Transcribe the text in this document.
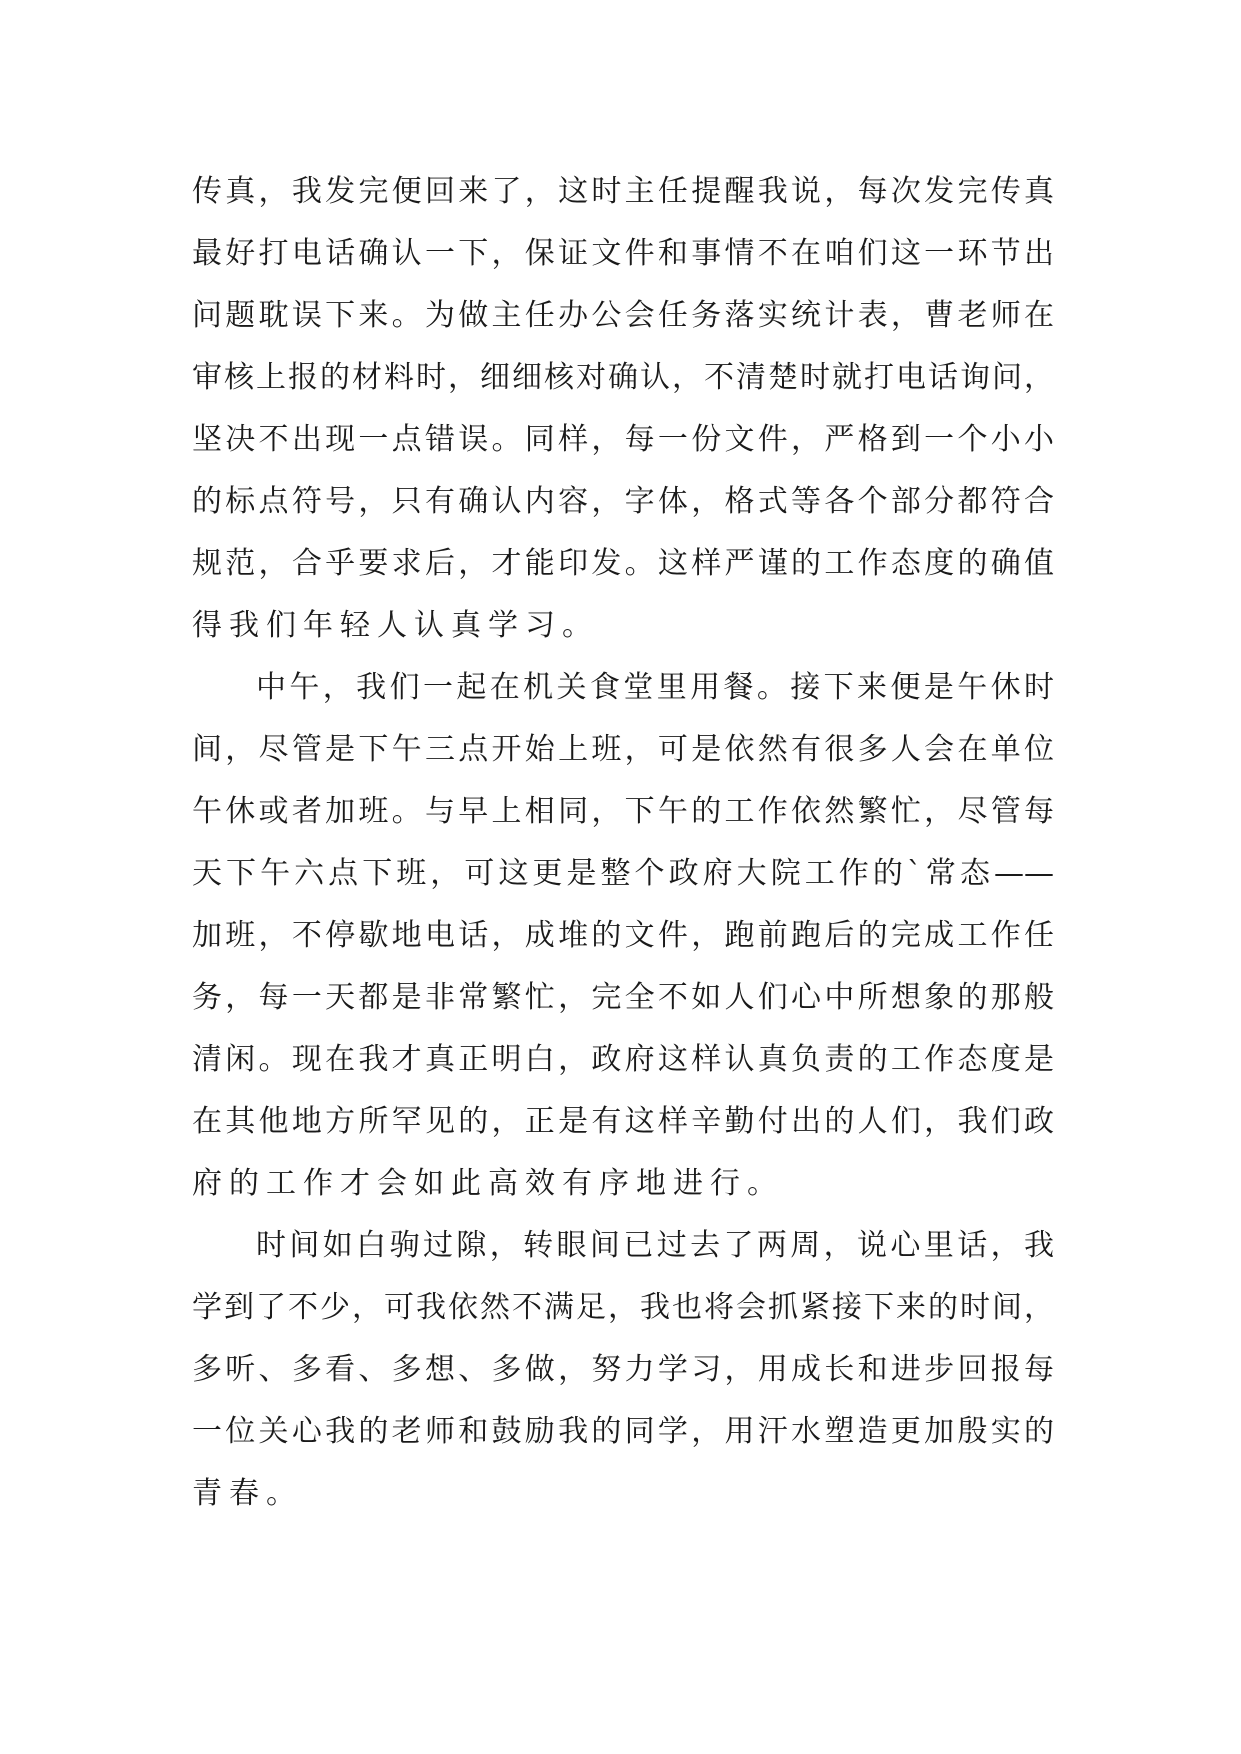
传真，我发完便回来了，这时主任提醒我说，每次发完传真
最好打电话确认一下，保证文件和事情不在咱们这一环节出
问题耽误下来。为做主任办公会任务落实统计表，曹老师在
审核上报的材料时，细细核对确认，不清楚时就打电话询问，
坚决不出现一点错误。同样，每一份文件，严格到一个小小
的标点符号，只有确认内容，字体，格式等各个部分都符合
规范，合乎要求后，才能印发。这样严谨的工作态度的确值
得我们年轻人认真学习。
中午，我们一起在机关食堂里用餐。接下来便是午休时
间，尽管是下午三点开始上班，可是依然有很多人会在单位
午休或者加班。与早上相同，下午的工作依然繁忙，尽管每
天下午六点下班，可这更是整个政府大院工作的`常态——
加班，不停歇地电话，成堆的文件，跑前跑后的完成工作任
务，每一天都是非常繁忙，完全不如人们心中所想象的那般
清闲。现在我才真正明白，政府这样认真负责的工作态度是
在其他地方所罕见的，正是有这样辛勤付出的人们，我们政
府的工作才会如此高效有序地进行。
时间如白驹过隙，转眼间已过去了两周，说心里话，我
学到了不少，可我依然不满足，我也将会抓紧接下来的时间，
多听、多看、多想、多做，努力学习，用成长和进步回报每
一位关心我的老师和鼓励我的同学，用汗水塑造更加殷实的
青春。
